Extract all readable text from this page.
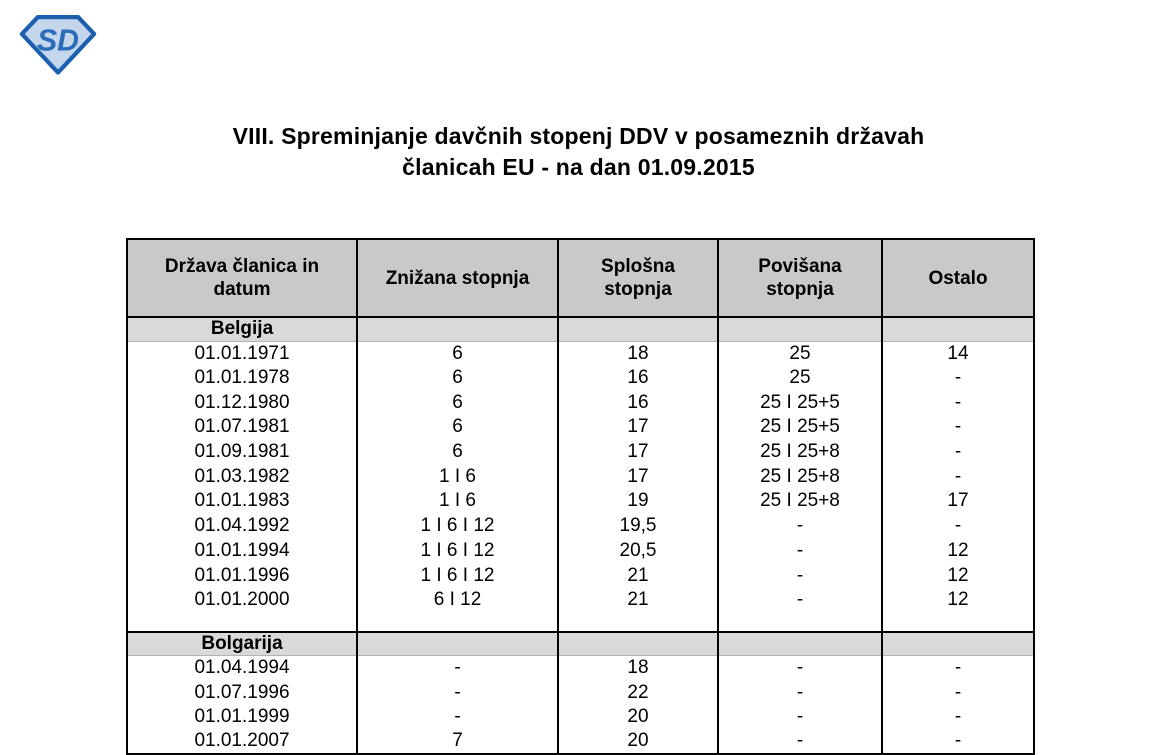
SD
VIII. Spreminjanje davčnih stopenj DDV v posameznih državah
članicah EU - na dan 01.09.2015
Država članica in datum	Znižana stopnja	Splošna stopnja	Povišana stopnja	Ostalo
Belgija				
01.01.1971	6	18	25	14
01.01.1978	6	16	25	-
01.12.1980	6	16	25 I 25+5	-
01.07.1981	6	17	25 I 25+5	-
01.09.1981	6	17	25 I 25+8	-
01.03.1982	1 I 6	17	25 I 25+8	-
01.01.1983	1 I 6	19	25 I 25+8	17
01.04.1992	1 I 6 I 12	19,5	-	-
01.01.1994	1 I 6 I 12	20,5	-	12
01.01.1996	1 I 6 I 12	21	-	12
01.01.2000	6 I 12	21	-	12

Bolgarija				
01.04.1994	-	18	-	-
01.07.1996	-	22	-	-
01.01.1999	-	20	-	-
01.01.2007	7	20	-	-
